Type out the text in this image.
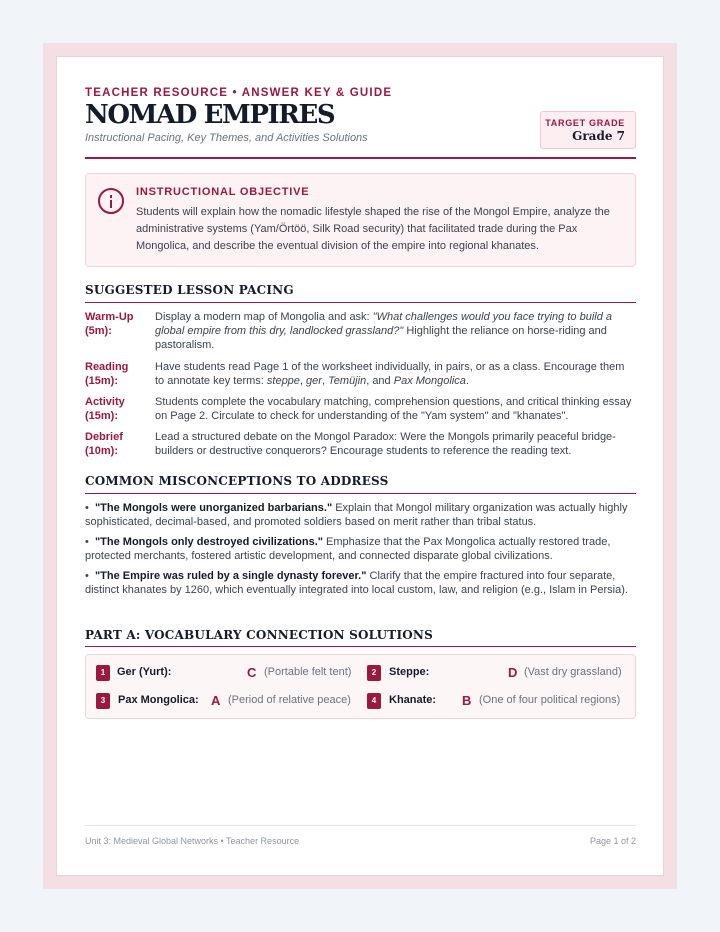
TEACHER RESOURCE • ANSWER KEY & GUIDE
NOMAD EMPIRES
Instructional Pacing, Key Themes, and Activities Solutions
TARGET GRADE
Grade 7
INSTRUCTIONAL OBJECTIVE
Students will explain how the nomadic lifestyle shaped the rise of the Mongol Empire, analyze the administrative systems (Yam/Örtöö, Silk Road security) that facilitated trade during the Pax Mongolica, and describe the eventual division of the empire into regional khanates.
SUGGESTED LESSON PACING
Warm-Up
(5m):
Display a modern map of Mongolia and ask: "What challenges would you face trying to build a global empire from this dry, landlocked grassland?" Highlight the reliance on horse-riding and pastoralism.
Reading
(15m):
Have students read Page 1 of the worksheet individually, in pairs, or as a class. Encourage them to annotate key terms: steppe, ger, Temüjin, and Pax Mongolica.
Activity
(15m):
Students complete the vocabulary matching, comprehension questions, and critical thinking essay on Page 2. Circulate to check for understanding of the "Yam system" and "khanates".
Debrief
(10m):
Lead a structured debate on the Mongol Paradox: Were the Mongols primarily peaceful bridge-builders or destructive conquerors? Encourage students to reference the reading text.
COMMON MISCONCEPTIONS TO ADDRESS
•  "The Mongols were unorganized barbarians." Explain that Mongol military organization was actually highly sophisticated, decimal-based, and promoted soldiers based on merit rather than tribal status.
•  "The Mongols only destroyed civilizations." Emphasize that the Pax Mongolica actually restored trade, protected merchants, fostered artistic development, and connected disparate global civilizations.
•  "The Empire was ruled by a single dynasty forever." Clarify that the empire fractured into four separate, distinct khanates by 1260, which eventually integrated into local custom, law, and religion (e.g., Islam in Persia).
PART A: VOCABULARY CONNECTION SOLUTIONS
1	Ger (Yurt):	C (Portable felt tent)	2	Steppe:	D (Vast dry grassland)
3	Pax Mongolica: A (Period of relative peace)	4	Khanate: B (One of four political regions)
Unit 3: Medieval Global Networks • Teacher Resource	Page 1 of 2
